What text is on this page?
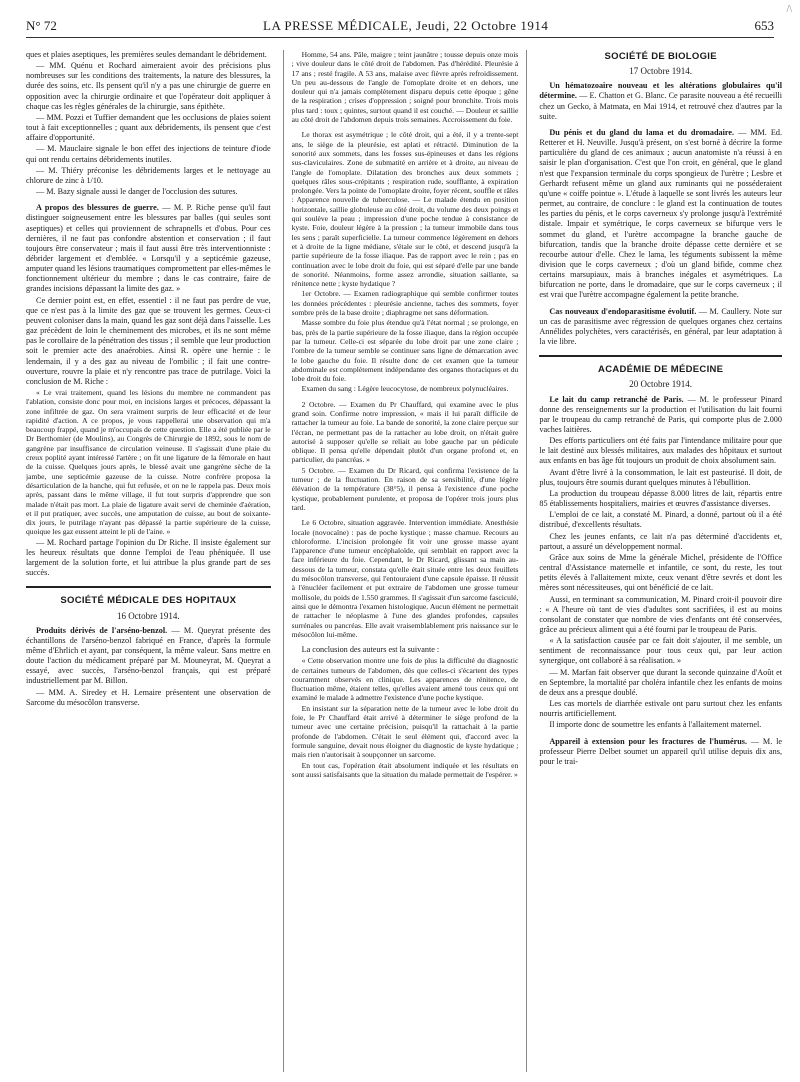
/\
N° 72	LA PRESSE MÉDICALE, Jeudi, 22 Octobre 1914	653

ques et plaies aseptiques, les premières seules demandant le débridement.

— MM. Quénu et Rochard aimeraient avoir des précisions plus nombreuses sur les conditions des traitements, la nature des blessures, la durée des soins, etc. Ils pensent qu'il n'y a pas une chirurgie de guerre en opposition avec la chirurgie ordinaire et que l'opérateur doit appliquer à chaque cas les règles générales de la chirurgie, sans épithète.

— MM. Pozzi et Tuffier demandent que les occlusions de plaies soient tout à fait exceptionnelles ; quant aux débridements, ils pensent que c'est affaire d'opportunité.

— M. Mauclaire signale le bon effet des injections de teinture d'iode qui ont rendu certains débridements inutiles.

— M. Thiéry préconise les débridements larges et le nettoyage au chlorure de zinc à 1/10.

— M. Bazy signale aussi le danger de l'occlusion des sutures.

A propos des blessures de guerre. — M. P. Riche pense qu'il faut distinguer soigneusement entre les blessures par balles (qui seules sont aseptiques) et celles qui proviennent de schrapnells et d'obus. Pour ces dernières, il ne faut pas confondre abstention et conservation ; il faut toujours être conservateur ; mais il faut aussi être très interventionniste : débrider largement et d'emblée. « Lorsqu'il y a septicémie gazeuse, amputer quand les lésions traumatiques compromettent par elles-mêmes le fonctionnement ultérieur du membre ; dans le cas contraire, faire de grandes incisions dépassant la limite des gaz. »

Ce dernier point est, en effet, essentiel : il ne faut pas perdre de vue, que ce n'est pas à la limite des gaz que se trouvent les germes. Ceux-ci peuvent coloniser dans la main, quand les gaz sont déjà dans l'aisselle. Les gaz précèdent de loin le cheminement des microbes, et ils ne sont même pas le corollaire de la pénétration des tissus ; il semble que leur production soit le premier acte des anaérobies. Ainsi R. opère une hernie : le lendemain, il y a des gaz au niveau de l'ombilic ; il fait une contre-ouverture, rouvre la plaie et n'y rencontre pas trace de putrilage. Voici la conclusion de M. Riche :

« Le vrai traitement, quand les lésions du membre ne commandent pas l'ablation, consiste donc pour moi, en incisions larges et précoces, dépassant la zone infiltrée de gaz. On sera vraiment surpris de leur efficacité et de leur rapidité d'action. A ce propos, je vous rappellerai une observation qui m'a beaucoup frappé, quand je m'occupais de cette question. Elle a été publiée par le Dr Berthomier (de Moulins), au Congrès de Chirurgie de 1892, sous le nom de gangrène par insuffisance de circulation veineuse. Il s'agissait d'une plaie du creux poplité ayant intéressé l'artère ; on fit une ligature de la fémorale en haut de la cuisse. Quelques jours après, le blessé avait une gangrène sèche de la jambe, une septicémie gazeuse de la cuisse. Notre confrère proposa la désarticulation de la hanche, qui fut refusée, et on ne le rappela pas. Deux mois après, passant dans le même village, il fut tout surpris d'apprendre que son malade n'était pas mort. La plaie de ligature avait servi de cheminée d'aération, et il put pratiquer, avec succès, une amputation de cuisse, au bout de soixante-dix jours, le putrilage n'ayant pas dépassé la partie supérieure de la cuisse, quoique les gaz eussent atteint le pli de l'aine. »

— M. Rochard partage l'opinion du Dr Riche. Il insiste également sur les heureux résultats que donne l'emploi de l'eau phéniquée. Il use largement de la solution forte, et lui attribue la plus grande part de ses succès.

SOCIÉTÉ MÉDICALE DES HOPITAUX
16 Octobre 1914.

Produits dérivés de l'arséno-benzol. — M. Queyrat présente des échantillons de l'arséno-benzol fabriqué en France, d'après la formule même d'Ehrlich et ayant, par conséquent, la même valeur. Sans mettre en doute l'action du médicament préparé par M. Mouneyrat, M. Queyrat a essayé, avec succès, l'arséno-benzol français, qui est préparé industriellement par M. Billon.

— MM. A. Siredey et H. Lemaire présentent une observation de Sarcome du mésocôlon transverse.

Homme, 54 ans. Pâle, maigre ; teint jaunâtre ; tousse depuis onze mois ; vive douleur dans le côté droit de l'abdomen. Pas d'hérédité. Pleurésie à 17 ans ; resté fragile. A 53 ans, malaise avec fièvre après refroidissement. Un peu au-dessous de l'angle de l'omoplate droite et en dehors, une douleur qui n'a jamais complètement disparu depuis cette époque ; gêne de la respiration ; crises d'oppression ; soigné pour bronchite. Trois mois plus tard : toux ; quintes, surtout quand il est couché. — Douleur et saillie au côté droit de l'abdomen depuis trois semaines. Accroissement du foie.

Le thorax est asymétrique ; le côté droit, qui a été, il y a trente-sept ans, le siège de la pleurésie, est aplati et rétracté. Diminution de la sonorité aux sommets, dans les fosses sus-épineuses et dans les régions sus-claviculaires. Zone de submatité en arrière et à droite, au niveau de l'angle de l'omoplate. Dilatation des bronches aux deux sommets ; quelques râles sous-crépitants ; respiration rude, soufflante, à expiration prolongée. Vers la pointe de l'omoplate droite, foyer récent, souffle et râles : Apparence nouvelle de tuberculose. — Le malade étendu en position horizontale, saillie globuleuse au côté droit, du volume des deux poings et qui soulève la peau ; impression d'une poche tendue à consistance de kyste. Foie, douleur légère à la pression ; la tumeur immobile dans tous les sens ; paraît superficielle. La tumeur commence légèrement en dehors et à droite de la ligne médiane, s'étale sur le côté, et descend jusqu'à la partie supérieure de la fosse iliaque. Pas de rapport avec le rein ; pas en continuation avec le lobe droit du foie, qui est séparé d'elle par une bande de sonorité. Néanmoins, forme assez arrondie, situation saillante, sa rénitence nette ; kyste hydatique ?

1er Octobre. — Examen radiographique qui semble confirmer toutes les données précédentes : pleurésie ancienne, taches des sommets, foyer sombre près de la base droite ; diaphragme net sans déformation.

Masse sombre du foie plus étendue qu'à l'état normal ; se prolonge, en bas, près de la partie supérieure de la fosse iliaque, dans la région occupée par la tumeur. Celle-ci est séparée du lobe droit par une zone claire ; l'ombre de la tumeur semble se continuer sans ligne de démarcation avec le lobe gauche du foie. Il résulte donc de cet examen que la tumeur abdominale est complètement indépendante des organes thoraciques et du lobe droit du foie.

Examen du sang : Légère leucocytose, de nombreux polynucléaires.

2 Octobre. — Examen du Pr Chauffard, qui examine avec le plus grand soin. Confirme notre impression, « mais il lui paraît difficile de rattacher la tumeur au foie. La bande de sonorité, la zone claire perçue sur l'écran, ne permettant pas de la rattacher au lobe droit, on n'était guère autorisé à supposer qu'elle se reliait au lobe gauche par un pédicule oblique. Il pensa qu'elle dépendait plutôt d'un organe profond et, en particulier, du pancréas. »

5 Octobre. — Examen du Dr Ricard, qui confirma l'existence de la tumeur ; de la fluctuation. En raison de sa sensibilité, d'une légère élévation de la température (38°5), il pensa à l'existence d'une poche kystique, probablement purulente, et proposa de l'opérer trois jours plus tard.

Le 6 Octobre, situation aggravée. Intervention immédiate. Anesthésie locale (novocaïne) : pas de poche kystique ; masse charnue. Recours au chloroforme. L'incision prolongée fit voir une grosse masse ayant l'apparence d'une tumeur encéphaloïde, qui semblait en rapport avec la face inférieure du foie. Cependant, le Dr Ricard, glissant sa main au-dessous de la tumeur, constata qu'elle était située entre les deux feuillets du mésocôlon transverse, qui l'entouraient d'une capsule épaisse. Il réussit à l'énucléer facilement et put extraire de l'abdomen une grosse tumeur mollisole, du poids de 1.550 grammes. Il s'agissait d'un sarcome fasciculé, ainsi que le démontra l'examen histologique. Aucun élément ne permettait de rattacher le néoplasme à l'une des glandes profondes, capsules surrénales ou pancréas. Elle avait vraisemblablement pris naissance sur le mésocôlon lui-même.

La conclusion des auteurs est la suivante :

« Cette observation montre une fois de plus la difficulté du diagnostic de certaines tumeurs de l'abdomen, dès que celles-ci s'écartent des types couramment observés en clinique. Les apparences de rénitence, de fluctuation même, étaient telles, qu'elles avaient amené tous ceux qui ont examiné le malade à admettre l'existence d'une poche kystique.

En insistant sur la séparation nette de la tumeur avec le lobe droit du foie, le Pr Chauffard était arrivé à déterminer le siège profond de la tumeur avec une certaine précision, puisqu'il la rattachait à la partie profonde de l'abdomen. C'était le seul élément qui, d'accord avec la formule sanguine, devait nous éloigner du diagnostic de kyste hydatique ; mais rien n'autorisait à soupçonner un sarcome.

En tout cas, l'opération était absolument indiquée et les résultats en sont aussi satisfaisants que la situation du malade permettait de l'espérer. »

SOCIÉTÉ DE BIOLOGIE
17 Octobre 1914.

Un hématozoaire nouveau et les altérations globulaires qu'il détermine. — E. Chatton et G. Blanc. Ce parasite nouveau a été recueilli chez un Gecko, à Matmata, en Mai 1914, et retrouvé chez d'autres par la suite.

Du pénis et du gland du lama et du dromadaire. — MM. Ed. Retterer et H. Neuville. Jusqu'à présent, on s'est borné à décrire la forme particulière du gland de ces animaux ; aucun anatomiste n'a réussi à en saisir le plan d'organisation. C'est que l'on croit, en général, que le gland n'est que l'expansion terminale du corps spongieux de l'urètre ; Lesbre et Gerhardt refusent même un gland aux ruminants qui ne posséderaient qu'une « coiffe pointue ». L'étude à laquelle se sont livrés les auteurs leur permet, au contraire, de conclure : le gland est la continuation de toutes les parties du pénis, et le corps caverneux s'y prolonge jusqu'à l'extrémité distale. Impair et symétrique, le corps caverneux se bifurque vers le sommet du gland, et l'urètre accompagne la branche gauche de bifurcation, tandis que la branche droite dépasse cette dernière et se recourbe autour d'elle. Chez le lama, les téguments subissent la même division que le corps caverneux ; d'où un gland bifide, comme chez certains marsupiaux, mais à branches inégales et asymétriques. La bifurcation ne porte, dans le dromadaire, que sur le corps caverneux ; il est vrai que l'urètre accompagne également la petite branche.

Cas nouveaux d'endoparasitisme évolutif. — M. Caullery. Note sur un cas de parasitisme avec régression de quelques organes chez certains Annélides polychètes, vers caractérisés, en général, par leur adaptation à la vie libre.

ACADÉMIE DE MÉDECINE
20 Octobre 1914.

Le lait du camp retranché de Paris. — M. le professeur Pinard donne des renseignements sur la production et l'utilisation du lait fourni par le troupeau du camp retranché de Paris, qui comporte plus de 2.000 vaches laitières.

Des efforts particuliers ont été faits par l'intendance militaire pour que le lait destiné aux blessés militaires, aux malades des hôpitaux et surtout aux enfants en bas âge fût toujours un produit de choix absolument sain.

Avant d'être livré à la consommation, le lait est pasteurisé. Il doit, de plus, toujours être soumis durant quelques minutes à l'ébullition.

La production du troupeau dépasse 8.000 litres de lait, répartis entre 85 établissements hospitaliers, mairies et œuvres d'assistance diverses.

L'emploi de ce lait, a constaté M. Pinard, a donné, partout où il a été distribué, d'excellents résultats.

Chez les jeunes enfants, ce lait n'a pas déterminé d'accidents et, partout, a assuré un développement normal.

Grâce aux soins de Mme la générale Michel, présidente de l'Office central d'Assistance maternelle et infantile, ce sont, du reste, les tout petits élevés à l'allaitement mixte, ceux venant d'être sevrés et dont les mères sont nécessiteuses, qui ont bénéficié de ce lait.

Aussi, en terminant sa communication, M. Pinard croit-il pouvoir dire : « A l'heure où tant de vies d'adultes sont sacrifiées, il est au moins consolant de constater que nombre de vies d'enfants ont été conservées, grâce au précieux aliment qui a été fourni par le troupeau de Paris.

« A la satisfaction causée par ce fait doit s'ajouter, il me semble, un sentiment de reconnaissance pour tous ceux qui, par leur action synergique, ont collaboré à sa réalisation. »

— M. Marfan fait observer que durant la seconde quinzaine d'Août et en Septembre, la mortalité par choléra infantile chez les enfants de moins de deux ans a presque doublé.

Les cas mortels de diarrhée estivale ont paru surtout chez les enfants nourris artificiellement.

Il importe donc de soumettre les enfants à l'allaitement maternel.

Appareil à extension pour les fractures de l'humérus. — M. le professeur Pierre Delbet soumet un appareil qu'il utilise depuis dix ans, pour le trai-
